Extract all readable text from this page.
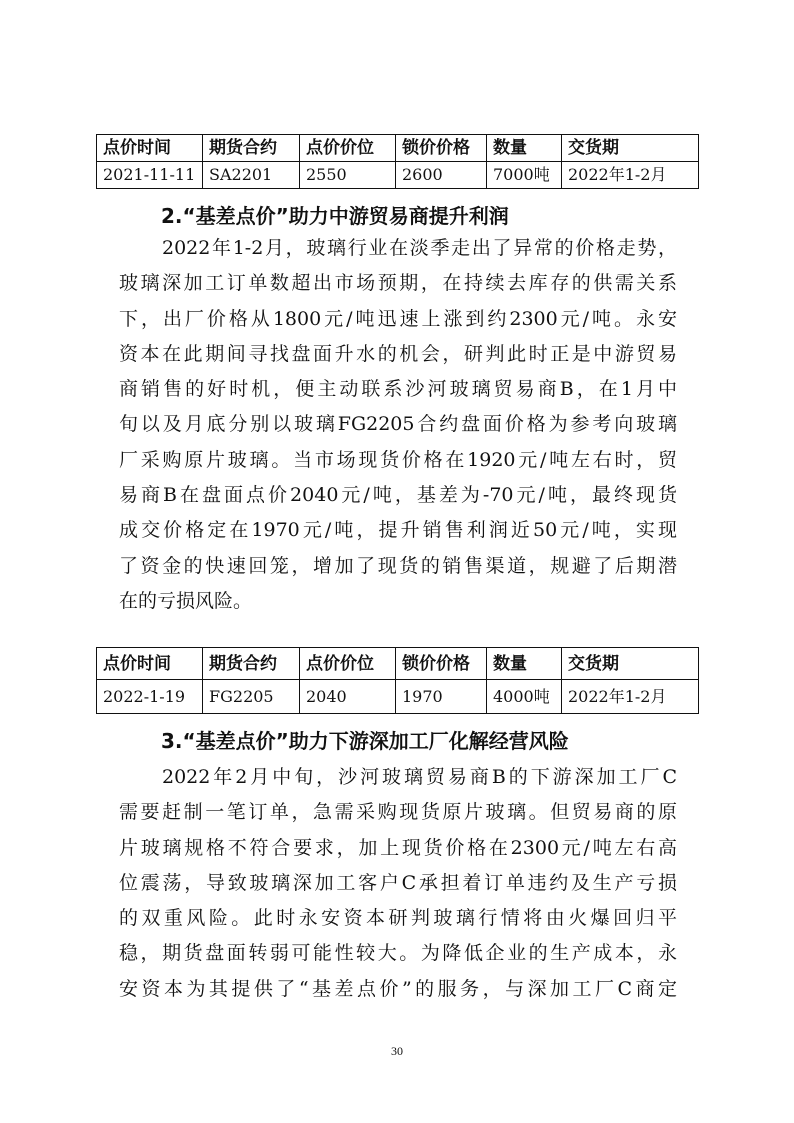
点价时间	期货合约	点价价位	锁价价格	数量	交货期
2021-11-11	SA2201	2550	2600	7000吨	2022年1-2月
2.“基差点价”助力中游贸易商提升利润
2022年1-2月，玻璃行业在淡季走出了异常的价格走势，
玻璃深加工订单数超出市场预期，在持续去库存的供需关系
下，出厂价格从1800元/吨迅速上涨到约2300元/吨。永安
资本在此期间寻找盘面升水的机会，研判此时正是中游贸易
商销售的好时机，便主动联系沙河玻璃贸易商B，在1月中
旬以及月底分别以玻璃FG2205合约盘面价格为参考向玻璃
厂采购原片玻璃。当市场现货价格在1920元/吨左右时，贸
易商B在盘面点价2040元/吨，基差为-70元/吨，最终现货
成交价格定在1970元/吨，提升销售利润近50元/吨，实现
了资金的快速回笼，增加了现货的销售渠道，规避了后期潜
在的亏损风险。
点价时间	期货合约	点价价位	锁价价格	数量	交货期
2022-1-19	FG2205	2040	1970	4000吨	2022年1-2月
3.“基差点价”助力下游深加工厂化解经营风险
2022年2月中旬，沙河玻璃贸易商B的下游深加工厂C
需要赶制一笔订单，急需采购现货原片玻璃。但贸易商的原
片玻璃规格不符合要求，加上现货价格在2300元/吨左右高
位震荡，导致玻璃深加工客户C承担着订单违约及生产亏损
的双重风险。此时永安资本研判玻璃行情将由火爆回归平
稳，期货盘面转弱可能性较大。为降低企业的生产成本，永
安资本为其提供了“基差点价”的服务，与深加工厂C商定
30
